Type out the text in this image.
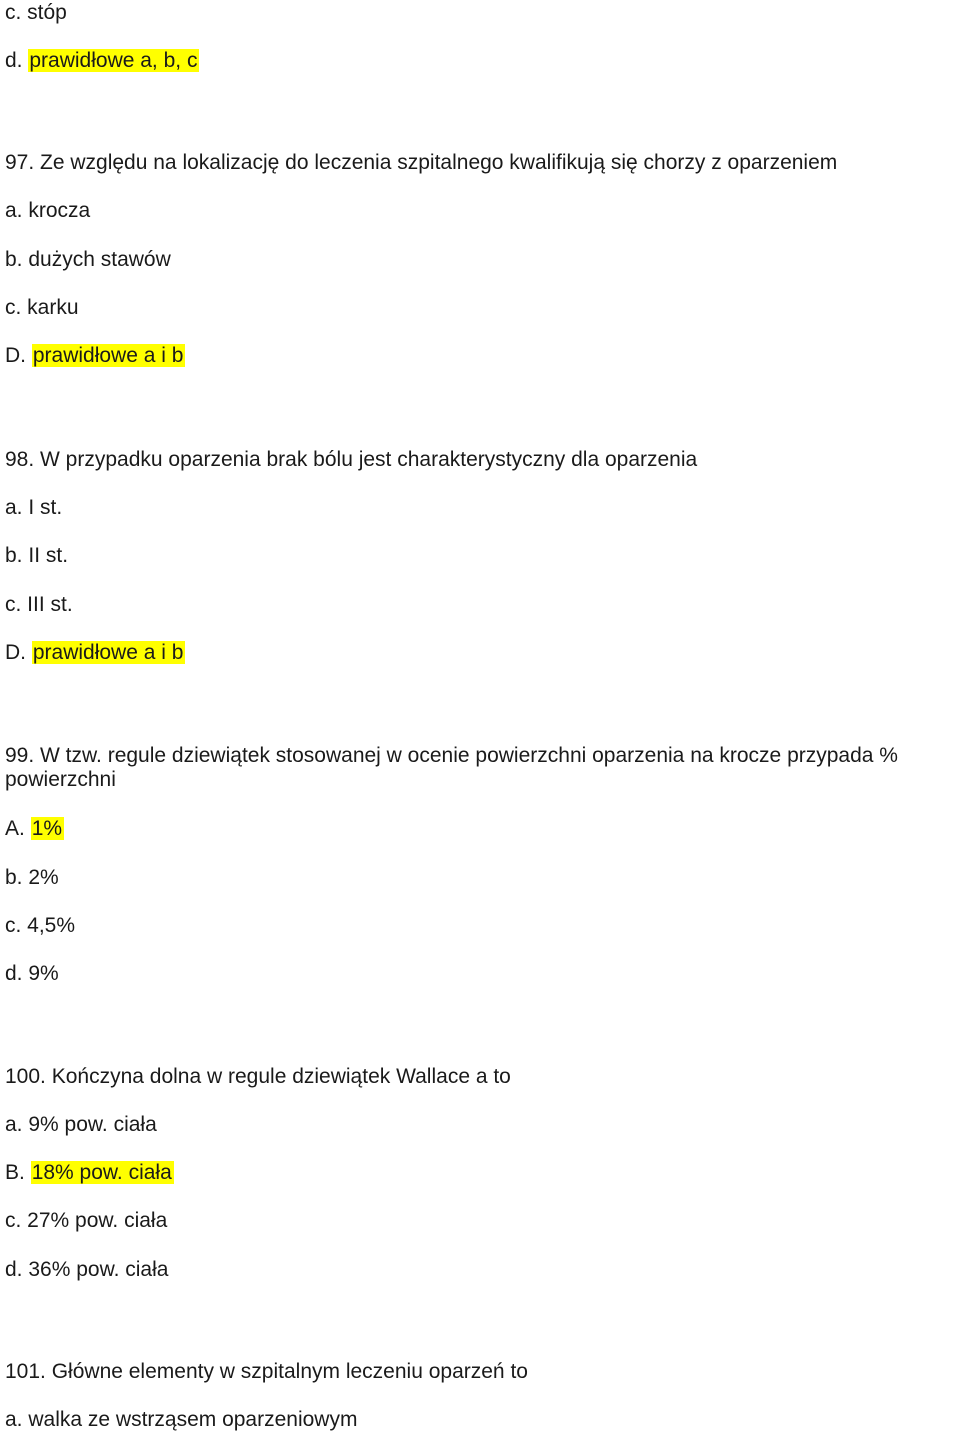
c. stóp
d. prawidłowe a, b, c
97. Ze względu na lokalizację do leczenia szpitalnego kwalifikują się chorzy z oparzeniem
a. krocza
b. dużych stawów
c. karku
D. prawidłowe a i b
98. W przypadku oparzenia brak bólu jest charakterystyczny dla oparzenia
a. I st.
b. II st.
c. III st.
D. prawidłowe a i b
99. W tzw. regule dziewiątek stosowanej w ocenie powierzchni oparzenia na krocze przypada % powierzchni
A. 1%
b. 2%
c. 4,5%
d. 9%
100. Kończyna dolna w regule dziewiątek Wallace a to
a. 9% pow. ciała
B. 18% pow. ciała
c. 27% pow. ciała
d. 36% pow. ciała
101. Główne elementy w szpitalnym leczeniu oparzeń to
a. walka ze wstrząsem oparzeniowym
